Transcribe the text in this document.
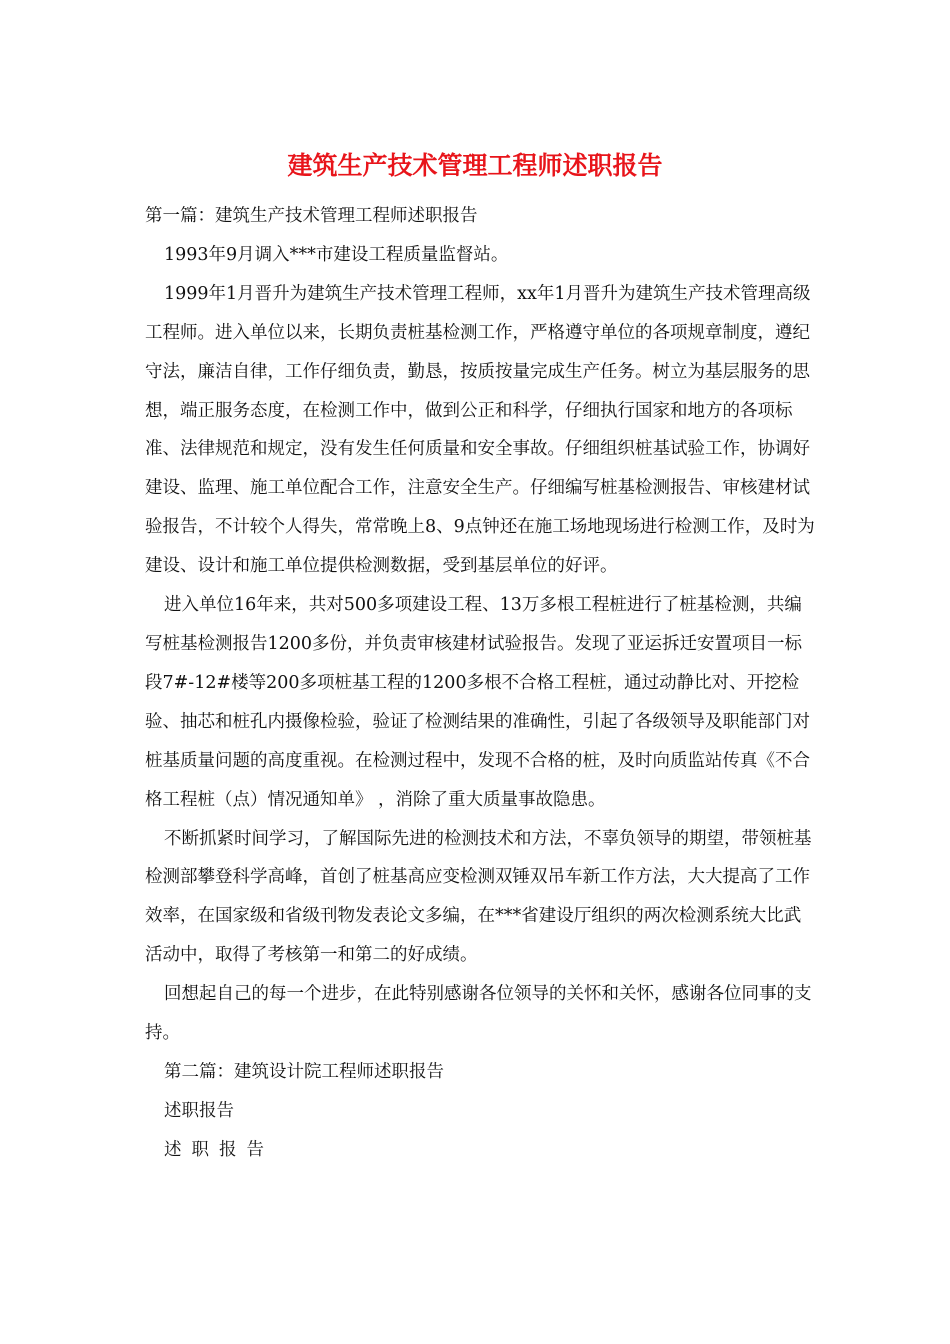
建筑生产技术管理工程师述职报告

第一篇：建筑生产技术管理工程师述职报告

1993年9月调入***市建设工程质量监督站。

1999年1月晋升为建筑生产技术管理工程师，xx年1月晋升为建筑生产技术管理高级工程师。进入单位以来，长期负责桩基检测工作，严格遵守单位的各项规章制度，遵纪守法，廉洁自律，工作仔细负责，勤恳，按质按量完成生产任务。树立为基层服务的思想，端正服务态度，在检测工作中，做到公正和科学，仔细执行国家和地方的各项标准、法律规范和规定，没有发生任何质量和安全事故。仔细组织桩基试验工作，协调好建设、监理、施工单位配合工作，注意安全生产。仔细编写桩基检测报告、审核建材试验报告，不计较个人得失，常常晚上8、9点钟还在施工场地现场进行检测工作，及时为建设、设计和施工单位提供检测数据，受到基层单位的好评。

进入单位16年来，共对500多项建设工程、13万多根工程桩进行了桩基检测，共编写桩基检测报告1200多份，并负责审核建材试验报告。发现了亚运拆迁安置项目一标段7#-12#楼等200多项桩基工程的1200多根不合格工程桩，通过动静比对、开挖检验、抽芯和桩孔内摄像检验，验证了检测结果的准确性，引起了各级领导及职能部门对桩基质量问题的高度重视。在检测过程中，发现不合格的桩，及时向质监站传真《不合格工程桩（点）情况通知单》 ，消除了重大质量事故隐患。

不断抓紧时间学习，了解国际先进的检测技术和方法，不辜负领导的期望，带领桩基检测部攀登科学高峰，首创了桩基高应变检测双锤双吊车新工作方法，大大提高了工作效率，在国家级和省级刊物发表论文多编，在***省建设厅组织的两次检测系统大比武活动中，取得了考核第一和第二的好成绩。

回想起自己的每一个进步，在此特别感谢各位领导的关怀和关怀，感谢各位同事的支持。

第二篇：建筑设计院工程师述职报告

述职报告

述职报告
